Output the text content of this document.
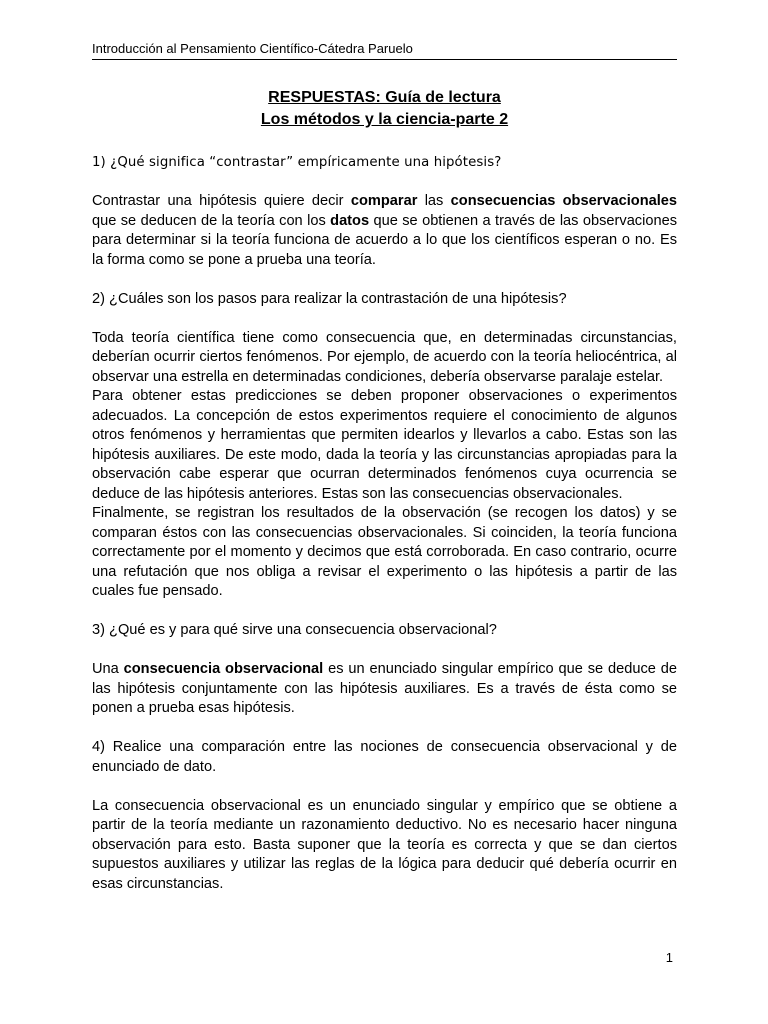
Introducción al Pensamiento Científico-Cátedra Paruelo
RESPUESTAS: Guía de lectura
Los métodos y la ciencia-parte 2

1) ¿Qué significa “contrastar” empíricamente una hipótesis?

Contrastar una hipótesis quiere decir comparar las consecuencias observacionales que se deducen de la teoría con los datos que se obtienen a través de las observaciones para determinar si la teoría funciona de acuerdo a lo que los científicos esperan o no. Es la forma como se pone a prueba una teoría.

2) ¿Cuáles son los pasos para realizar la contrastación de una hipótesis?

Toda teoría científica tiene como consecuencia que, en determinadas circunstancias, deberían ocurrir ciertos fenómenos. Por ejemplo, de acuerdo con la teoría heliocéntrica, al observar una estrella en determinadas condiciones, debería observarse paralaje estelar.

Para obtener estas predicciones se deben proponer observaciones o experimentos adecuados. La concepción de estos experimentos requiere el conocimiento de algunos otros fenómenos y herramientas que permiten idearlos y llevarlos a cabo. Estas son las hipótesis auxiliares. De este modo, dada la teoría y las circunstancias apropiadas para la observación cabe esperar que ocurran determinados fenómenos cuya ocurrencia se deduce de las hipótesis anteriores. Estas son las consecuencias observacionales.

Finalmente, se registran los resultados de la observación (se recogen los datos) y se comparan éstos con las consecuencias observacionales. Si coinciden, la teoría funciona correctamente por el momento y decimos que está corroborada. En caso contrario, ocurre una refutación que nos obliga a revisar el experimento o las hipótesis a partir de las cuales fue pensado.

3) ¿Qué es y para qué sirve una consecuencia observacional?

Una consecuencia observacional es un enunciado singular empírico que se deduce de las hipótesis conjuntamente con las hipótesis auxiliares. Es a través de ésta como se ponen a prueba esas hipótesis.

4) Realice una comparación entre las nociones de consecuencia observacional y de enunciado de dato.

La consecuencia observacional es un enunciado singular y empírico que se obtiene a partir de la teoría mediante un razonamiento deductivo. No es necesario hacer ninguna observación para esto. Basta suponer que la teoría es correcta y que se dan ciertos supuestos auxiliares y utilizar las reglas de la lógica para deducir qué debería ocurrir en esas circunstancias.

1
